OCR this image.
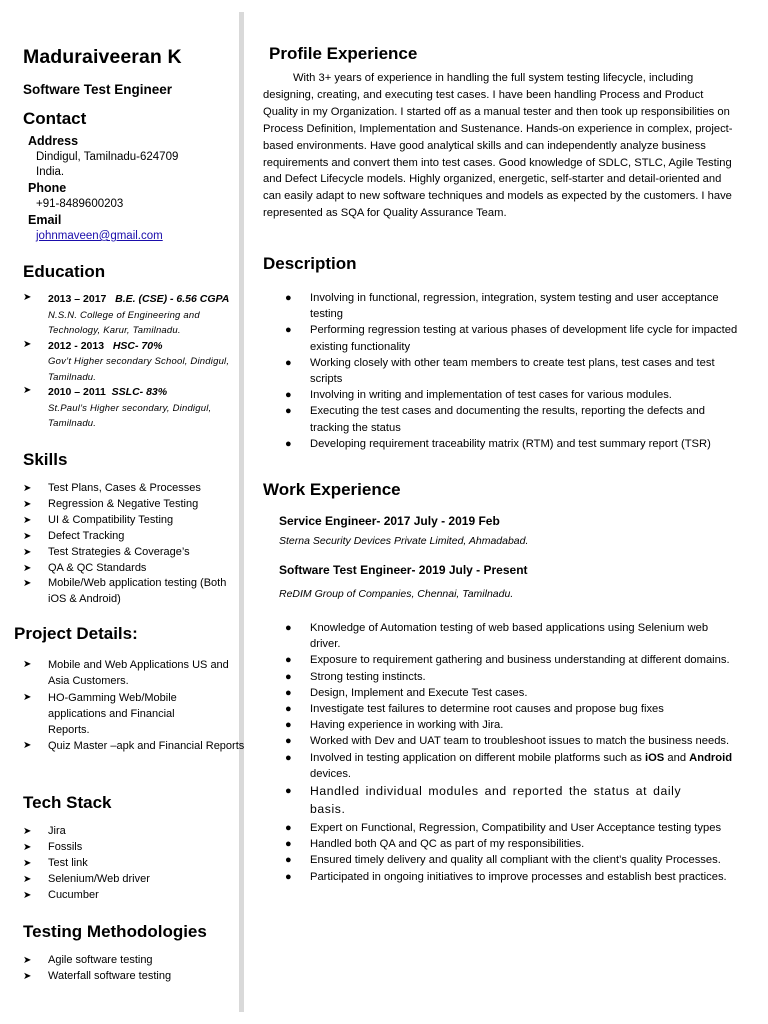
Maduraiveeran K
Software Test Engineer
Contact
Address
Dindigul, Tamilnadu-624709
India.
Phone
+91-8489600203
Email
johnmaveen@gmail.com
Education
➤ 2013 – 2017 B.E. (CSE) - 6.56 CGPA
N.S.N. College of Engineering and Technology, Karur, Tamilnadu.
➤ 2012 - 2013 HSC- 70%
Gov’t Higher secondary School, Dindigul, Tamilnadu.
➤ 2010 – 2011 SSLC- 83%
St.Paul’s Higher secondary, Dindigul, Tamilnadu.
Skills
➤ Test Plans, Cases & Processes
➤ Regression & Negative Testing
➤ UI & Compatibility Testing
➤ Defect Tracking
➤ Test Strategies & Coverage’s
➤ QA & QC Standards
➤ Mobile/Web application testing (Both iOS & Android)
Project Details:
➤ Mobile and Web Applications US and Asia Customers.
➤ HO-Gamming Web/Mobile applications and Financial Reports.
➤ Quiz Master –apk and Financial Reports
Tech Stack
➤ Jira
➤ Fossils
➤ Test link
➤ Selenium/Web driver
➤ Cucumber
Testing Methodologies
➤ Agile software testing
➤ Waterfall software testing
Profile Experience

With 3+ years of experience in handling the full system testing lifecycle, including designing, creating, and executing test cases. I have been handling Process and Product Quality in my Organization. I started off as a manual tester and then took up responsibilities on Process Definition, Implementation and Sustenance. Hands-on experience in complex, project-based environments. Have good analytical skills and can independently analyze business requirements and convert them into test cases. Good knowledge of SDLC, STLC, Agile Testing and Defect Lifecycle models. Highly organized, energetic, self-starter and detail-oriented and can easily adapt to new software techniques and models as expected by the customers. I have represented as SQA for Quality Assurance Team.

Description
● Involving in functional, regression, integration, system testing and user acceptance testing
● Performing regression testing at various phases of development life cycle for impacted existing functionality
● Working closely with other team members to create test plans, test cases and test scripts
● Involving in writing and implementation of test cases for various modules.
● Executing the test cases and documenting the results, reporting the defects and tracking the status
● Developing requirement traceability matrix (RTM) and test summary report (TSR)
Work Experience
Service Engineer- 2017 July - 2019 Feb
Sterna Security Devices Private Limited, Ahmadabad.
Software Test Engineer- 2019 July - Present
ReDIM Group of Companies, Chennai, Tamilnadu.
● Knowledge of Automation testing of web based applications using Selenium web driver.
● Exposure to requirement gathering and business understanding at different domains.
● Strong testing instincts.
● Design, Implement and Execute Test cases.
● Investigate test failures to determine root causes and propose bug fixes
● Having experience in working with Jira.
● Worked with Dev and UAT team to troubleshoot issues to match the business needs.
● Involved in testing application on different mobile platforms such as iOS and Android devices.
● Handled individual modules and reported the status at daily basis.
● Expert on Functional, Regression, Compatibility and User Acceptance testing types
● Handled both QA and QC as part of my responsibilities.
● Ensured timely delivery and quality all compliant with the client’s quality Processes.
● Participated in ongoing initiatives to improve processes and establish best practices.
